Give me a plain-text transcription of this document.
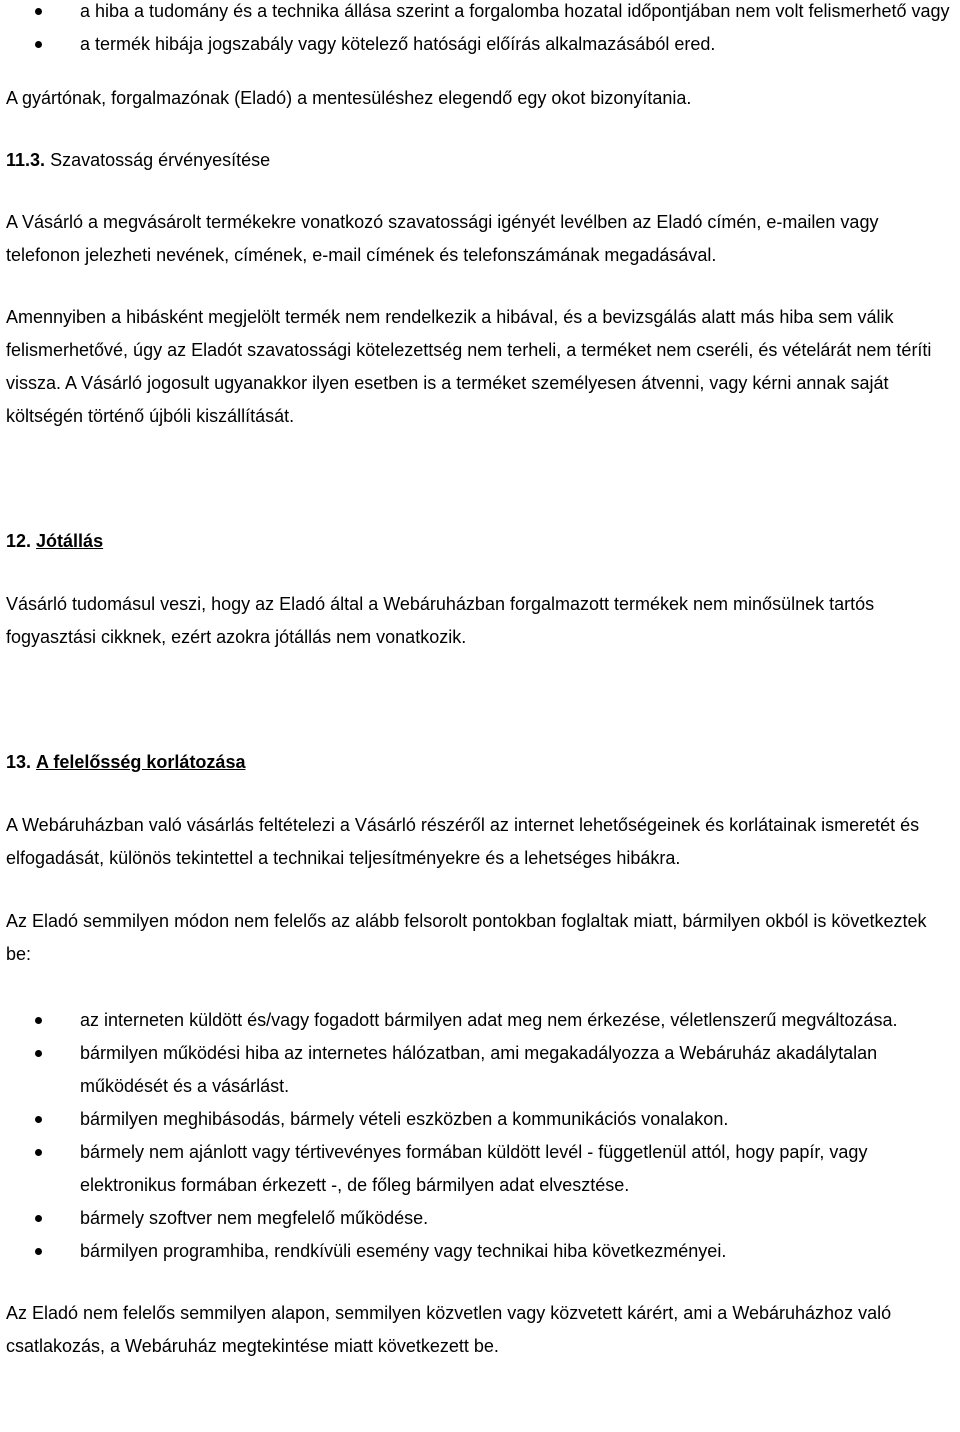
a hiba a tudomány és a technika állása szerint a forgalomba hozatal időpontjában nem volt felismerhető vagy
a termék hibája jogszabály vagy kötelező hatósági előírás alkalmazásából ered.

A gyártónak, forgalmazónak (Eladó) a mentesüléshez elegendő egy okot bizonyítania.

11.3. Szavatosság érvényesítése

A Vásárló a megvásárolt termékekre vonatkozó szavatossági igényét levélben az Eladó címén, e-mailen vagy telefonon jelezheti nevének, címének, e-mail címének és telefonszámának megadásával.

Amennyiben a hibásként megjelölt termék nem rendelkezik a hibával, és a bevizsgálás alatt más hiba sem válik felismerhetővé, úgy az Eladót szavatossági kötelezettség nem terheli, a terméket nem cseréli, és vételárát nem téríti vissza. A Vásárló jogosult ugyanakkor ilyen esetben is a terméket személyesen átvenni, vagy kérni annak saját költségén történő újbóli kiszállítását.

12. Jótállás

Vásárló tudomásul veszi, hogy az Eladó által a Webáruházban forgalmazott termékek nem minősülnek tartós fogyasztási cikknek, ezért azokra jótállás nem vonatkozik.

13. A felelősség korlátozása

A Webáruházban való vásárlás feltételezi a Vásárló részéről az internet lehetőségeinek és korlátainak ismeretét és elfogadását, különös tekintettel a technikai teljesítményekre és a lehetséges hibákra.

Az Eladó semmilyen módon nem felelős az alább felsorolt pontokban foglaltak miatt, bármilyen okból is következtek be:

az interneten küldött és/vagy fogadott bármilyen adat meg nem érkezése, véletlenszerű megváltozása.
bármilyen működési hiba az internetes hálózatban, ami megakadályozza a Webáruház akadálytalan működését és a vásárlást.
bármilyen meghibásodás, bármely vételi eszközben a kommunikációs vonalakon.
bármely nem ajánlott vagy tértivevényes formában küldött levél - függetlenül attól, hogy papír, vagy elektronikus formában érkezett -, de főleg bármilyen adat elvesztése.
bármely szoftver nem megfelelő működése.
bármilyen programhiba, rendkívüli esemény vagy technikai hiba következményei.

Az Eladó nem felelős semmilyen alapon, semmilyen közvetlen vagy közvetett kárért, ami a Webáruházhoz való csatlakozás, a Webáruház megtekintése miatt következett be.
